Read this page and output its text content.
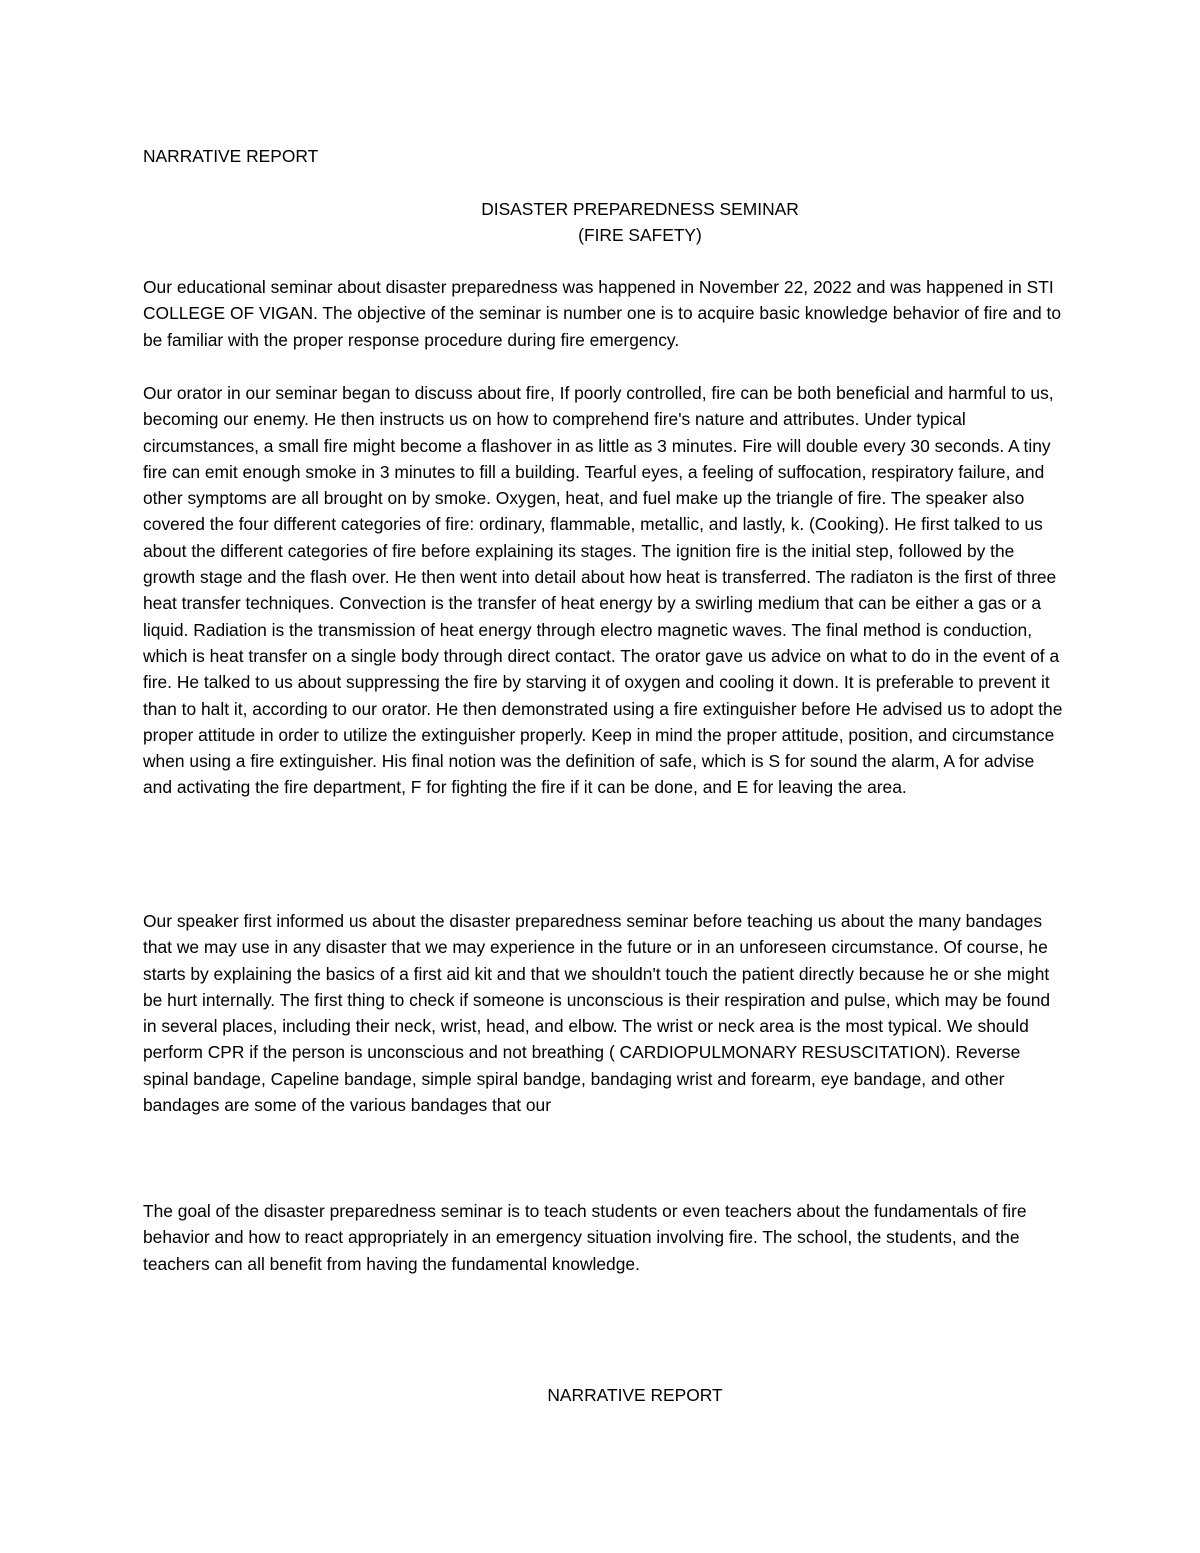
NARRATIVE REPORT

DISASTER PREPAREDNESS SEMINAR

(FIRE SAFETY)

Our educational seminar about disaster preparedness was happened in November 22, 2022 and was happened in STI COLLEGE OF VIGAN. The objective of the seminar is number one is to acquire basic knowledge behavior of fire and to be familiar with the proper response procedure during fire emergency.

Our orator in our seminar began to discuss about fire, If poorly controlled, fire can be both beneficial and harmful to us, becoming our enemy. He then instructs us on how to comprehend fire's nature and attributes. Under typical circumstances, a small fire might become a flashover in as little as 3 minutes. Fire will double every 30 seconds. A tiny fire can emit enough smoke in 3 minutes to fill a building. Tearful eyes, a feeling of suffocation, respiratory failure, and other symptoms are all brought on by smoke. Oxygen, heat, and fuel make up the triangle of fire. The speaker also covered the four different categories of fire: ordinary, flammable, metallic, and lastly, k. (Cooking). He first talked to us about the different categories of fire before explaining its stages. The ignition fire is the initial step, followed by the growth stage and the flash over. He then went into detail about how heat is transferred. The radiaton is the first of three heat transfer techniques. Convection is the transfer of heat energy by a swirling medium that can be either a gas or a liquid. Radiation is the transmission of heat energy through electro magnetic waves. The final method is conduction, which is heat transfer on a single body through direct contact. The orator gave us advice on what to do in the event of a fire. He talked to us about suppressing the fire by starving it of oxygen and cooling it down. It is preferable to prevent it than to halt it, according to our orator. He then demonstrated using a fire extinguisher before He advised us to adopt the proper attitude in order to utilize the extinguisher properly. Keep in mind the proper attitude, position, and circumstance when using a fire extinguisher. His final notion was the definition of safe, which is S for sound the alarm, A for advise and activating the fire department, F for fighting the fire if it can be done, and E for leaving the area.

Our speaker first informed us about the disaster preparedness seminar before teaching us about the many bandages that we may use in any disaster that we may experience in the future or in an unforeseen circumstance. Of course, he starts by explaining the basics of a first aid kit and that we shouldn't touch the patient directly because he or she might be hurt internally. The first thing to check if someone is unconscious is their respiration and pulse, which may be found in several places, including their neck, wrist, head, and elbow. The wrist or neck area is the most typical. We should perform CPR if the person is unconscious and not breathing ( CARDIOPULMONARY RESUSCITATION). Reverse spinal bandage, Capeline bandage, simple spiral bandge, bandaging wrist and forearm, eye bandage, and other bandages are some of the various bandages that our

The goal of the disaster preparedness seminar is to teach students or even teachers about the fundamentals of fire behavior and how to react appropriately in an emergency situation involving fire. The school, the students, and the teachers can all benefit from having the fundamental knowledge.

NARRATIVE REPORT
